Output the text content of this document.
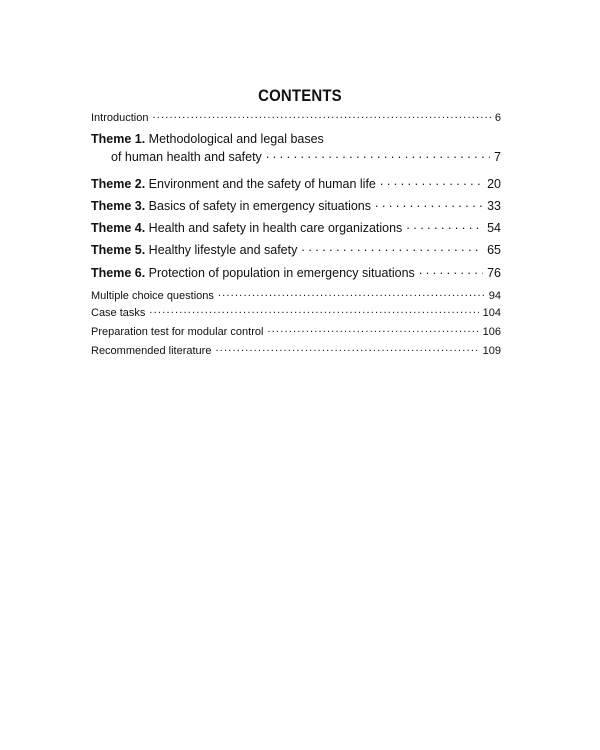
CONTENTS
Introduction .....	6
Theme 1. Methodological and legal bases
of human health and safety . . .	7
Theme 2. Environment and the safety of human life . . .	20
Theme 3. Basics of safety in emergency situations . . .	33
Theme 4. Health and safety in health care organizations . . .	54
Theme 5. Healthy lifestyle and safety . . .	65
Theme 6. Protection of population in emergency situations . . .	76
Multiple choice questions .....	94
Case tasks .....	104
Preparation test for modular control .....	106
Recommended literature .....	109
